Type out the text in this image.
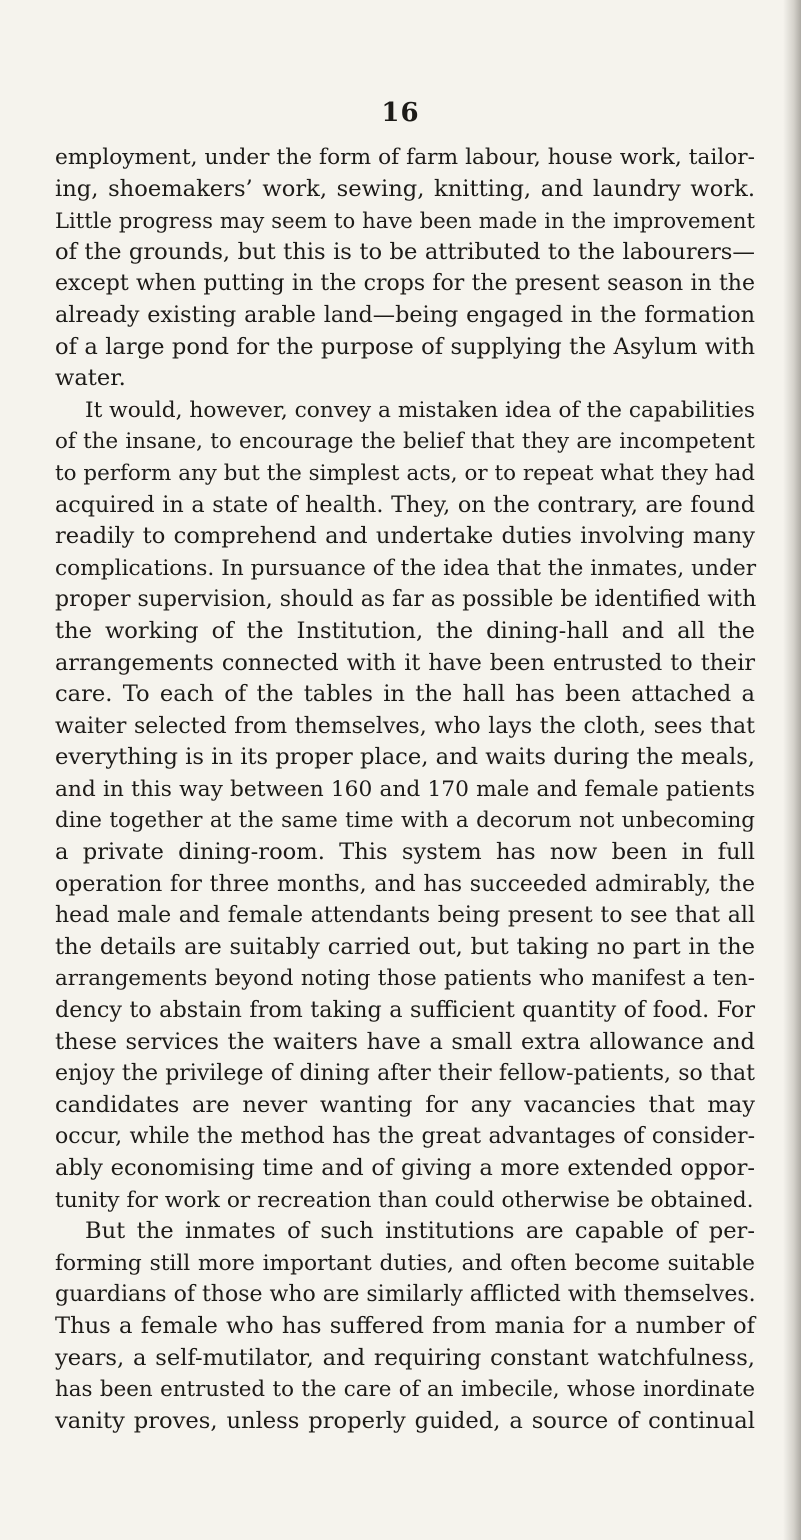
16
employment, under the form of farm labour, house work, tailor-
ing, shoemakers’ work, sewing, knitting, and laundry work.
Little progress may seem to have been made in the improvement
of the grounds, but this is to be attributed to the labourers—
except when putting in the crops for the present season in the
already existing arable land—being engaged in the formation
of a large pond for the purpose of supplying the Asylum with
water.
It would, however, convey a mistaken idea of the capabilities
of the insane, to encourage the belief that they are incompetent
to perform any but the simplest acts, or to repeat what they had
acquired in a state of health. They, on the contrary, are found
readily to comprehend and undertake duties involving many
complications. In pursuance of the idea that the inmates, under
proper supervision, should as far as possible be identified with
the working of the Institution, the dining-hall and all the
arrangements connected with it have been entrusted to their
care. To each of the tables in the hall has been attached a
waiter selected from themselves, who lays the cloth, sees that
everything is in its proper place, and waits during the meals,
and in this way between 160 and 170 male and female patients
dine together at the same time with a decorum not unbecoming
a private dining-room. This system has now been in full
operation for three months, and has succeeded admirably, the
head male and female attendants being present to see that all
the details are suitably carried out, but taking no part in the
arrangements beyond noting those patients who manifest a ten-
dency to abstain from taking a sufficient quantity of food. For
these services the waiters have a small extra allowance and
enjoy the privilege of dining after their fellow-patients, so that
candidates are never wanting for any vacancies that may
occur, while the method has the great advantages of consider-
ably economising time and of giving a more extended oppor-
tunity for work or recreation than could otherwise be obtained.
But the inmates of such institutions are capable of per-
forming still more important duties, and often become suitable
guardians of those who are similarly afflicted with themselves.
Thus a female who has suffered from mania for a number of
years, a self-mutilator, and requiring constant watchfulness,
has been entrusted to the care of an imbecile, whose inordinate
vanity proves, unless properly guided, a source of continual
